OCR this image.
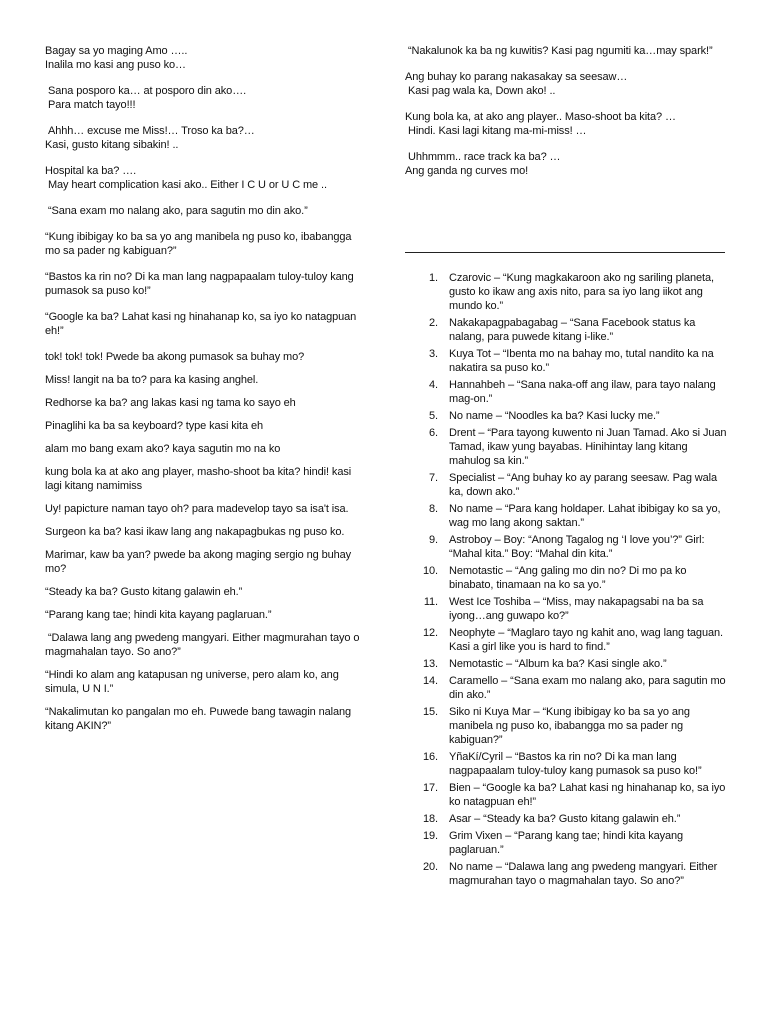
Bagay sa yo maging Amo …..
Inalila mo kasi ang puso ko…

Sana posporo ka… at posporo din ako….
Para match tayo!!!

Ahhh… excuse me Miss!… Troso ka ba?…
Kasi, gusto kitang sibakin! ..

Hospital ka ba? ….
May heart complication kasi ako.. Either I C U or U C me ..

“Sana exam mo nalang ako, para sagutin mo din ako.”

“Kung ibibigay ko ba sa yo ang manibela ng puso ko, ibabangga mo sa pader ng kabiguan?”

“Bastos ka rin no? Di ka man lang nagpapaalam tuloy-tuloy kang pumasok sa puso ko!”

“Google ka ba? Lahat kasi ng hinahanap ko, sa iyo ko natagpuan eh!”

tok! tok! tok! Pwede ba akong pumasok sa buhay mo?

Miss! langit na ba to? para ka kasing anghel.

Redhorse ka ba? ang lakas kasi ng tama ko sayo eh

Pinaglihi ka ba sa keyboard? type kasi kita eh

alam mo bang exam ako? kaya sagutin mo na ko

kung bola ka at ako ang player, masho-shoot ba kita? hindi! kasi lagi kitang namimiss

Uy! papicture naman tayo oh? para madevelop tayo sa isa't isa.

Surgeon ka ba? kasi ikaw lang ang nakapagbukas ng puso ko.

Marimar, kaw ba yan? pwede ba akong maging sergio ng buhay mo?

“Steady ka ba? Gusto kitang galawin eh.”

“Parang kang tae; hindi kita kayang paglaruan.”

“Dalawa lang ang pwedeng mangyari. Either magmurahan tayo o magmahalan tayo. So ano?”

“Hindi ko alam ang katapusan ng universe, pero alam ko, ang simula, U N I.”

“Nakalimutan ko pangalan mo eh. Puwede bang tawagin nalang kitang AKIN?”

“Nakalunok ka ba ng kuwitis? Kasi pag ngumiti ka…may spark!”

Ang buhay ko parang nakasakay sa seesaw…
Kasi pag wala ka, Down ako! ..

Kung bola ka, at ako ang player.. Maso-shoot ba kita? …
Hindi. Kasi lagi kitang ma-mi-miss! …

Uhhmmm.. race track ka ba? …
Ang ganda ng curves mo!

1.	Czarovic – “Kung magkakaroon ako ng sariling planeta, gusto ko ikaw ang axis nito, para sa iyo lang iikot ang mundo ko.”
2.	Nakakapagpabagabag – “Sana Facebook status ka nalang, para puwede kitang i-like.”
3.	Kuya Tot – “Ibenta mo na bahay mo, tutal nandito ka na nakatira sa puso ko.”
4.	Hannahbeh – “Sana naka-off ang ilaw, para tayo nalang mag-on.”
5.	No name – “Noodles ka ba? Kasi lucky me.”
6.	Drent – “Para tayong kuwento ni Juan Tamad. Ako si Juan Tamad, ikaw yung bayabas. Hinihintay lang kitang mahulog sa kin.”
7.	Specialist – “Ang buhay ko ay parang seesaw. Pag wala ka, down ako.”
8.	No name – “Para kang holdaper. Lahat ibibigay ko sa yo, wag mo lang akong saktan.”
9.	Astroboy – Boy: “Anong Tagalog ng ‘I love you’?” Girl: “Mahal kita.” Boy: “Mahal din kita.”
10.	Nemotastic – “Ang galing mo din no? Di mo pa ko binabato, tinamaan na ko sa yo.”
11.	West Ice Toshiba – “Miss, may nakapagsabi na ba sa iyong…ang guwapo ko?”
12.	Neophyte – “Maglaro tayo ng kahit ano, wag lang taguan. Kasi a girl like you is hard to find.”
13.	Nemotastic – “Album ka ba? Kasi single ako.”
14.	Caramello – “Sana exam mo nalang ako, para sagutin mo din ako.”
15.	Siko ni Kuya Mar – “Kung ibibigay ko ba sa yo ang manibela ng puso ko, ibabangga mo sa pader ng kabiguan?”
16.	YñaKí/Cyril – “Bastos ka rin no? Di ka man lang nagpapaalam tuloy-tuloy kang pumasok sa puso ko!”
17.	Bien – “Google ka ba? Lahat kasi ng hinahanap ko, sa iyo ko natagpuan eh!”
18.	Asar – “Steady ka ba? Gusto kitang galawin eh.”
19.	Grim Vixen – “Parang kang tae; hindi kita kayang paglaruan.”
20.	No name – “Dalawa lang ang pwedeng mangyari. Either magmurahan tayo o magmahalan tayo. So ano?”
